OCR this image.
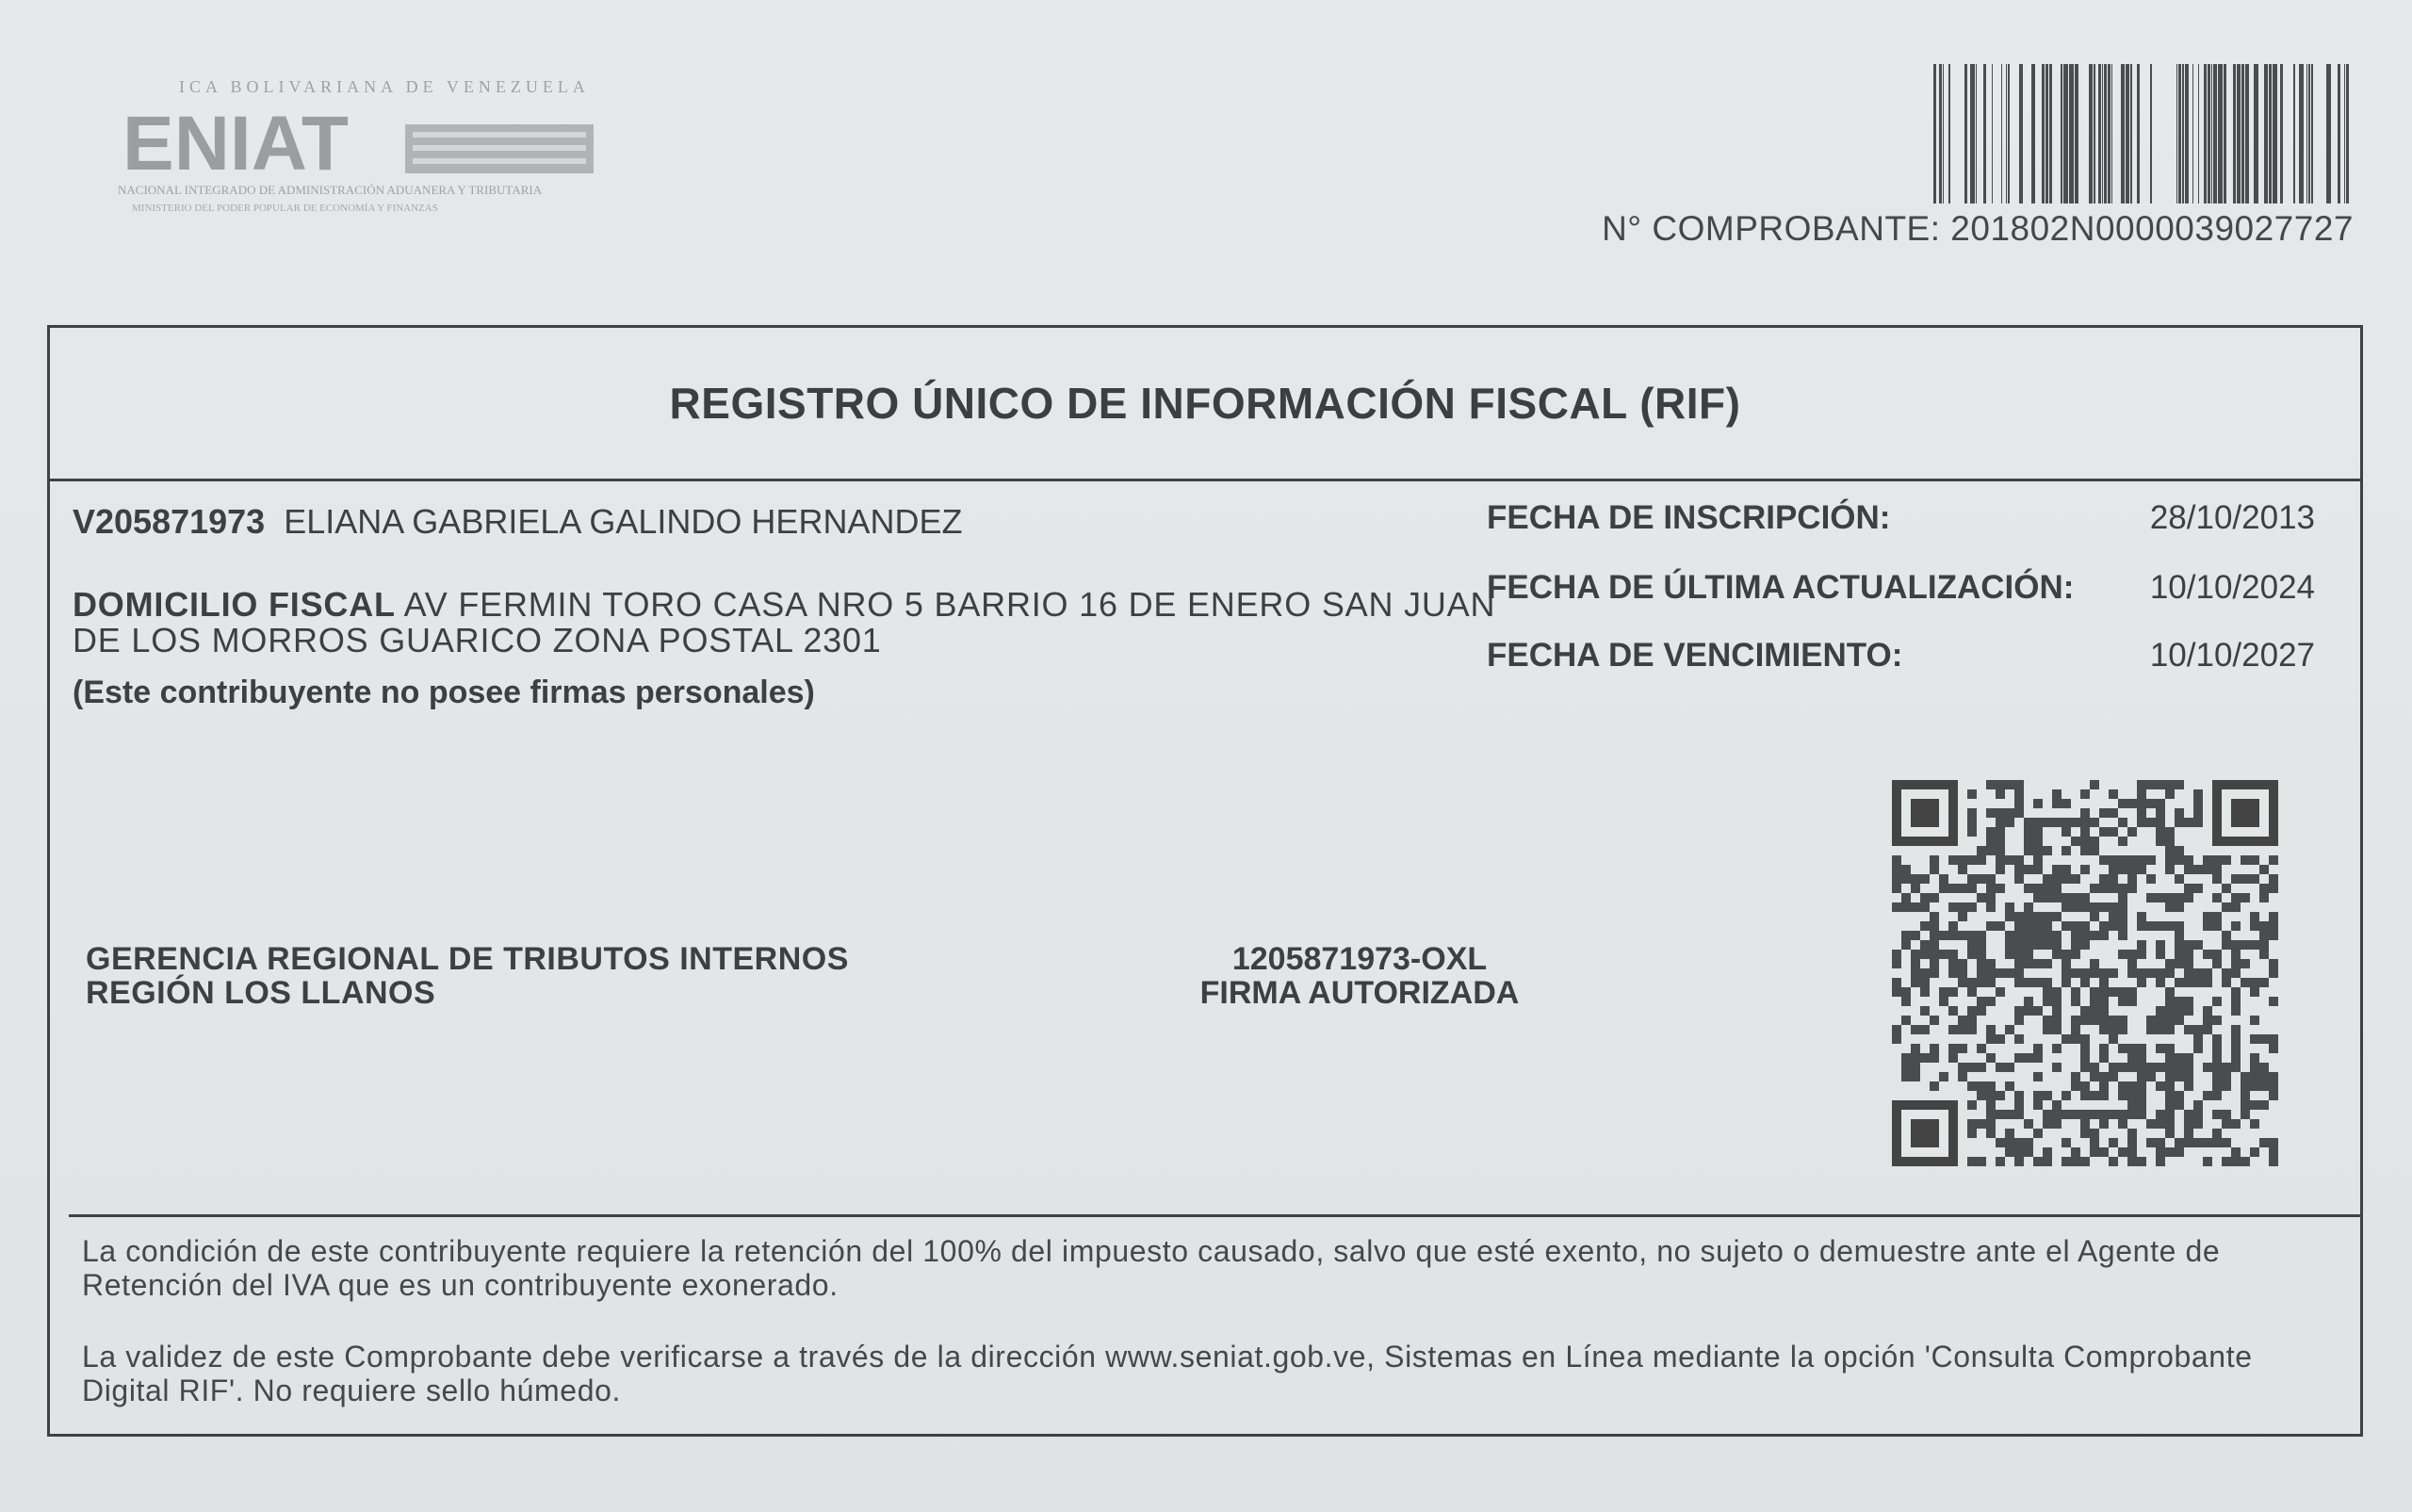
ICA BOLIVARIANA DE VENEZUELA
ENIAT
NACIONAL INTEGRADO DE ADMINISTRACIÓN ADUANERA Y TRIBUTARIA
MINISTERIO DEL PODER POPULAR DE ECONOMÍA Y FINANZAS
N° COMPROBANTE: 201802N0000039027727
REGISTRO ÚNICO DE INFORMACIÓN FISCAL (RIF)
V205871973 ELIANA GABRIELA GALINDO HERNANDEZ
DOMICILIO FISCAL AV FERMIN TORO CASA NRO 5 BARRIO 16 DE ENERO SAN JUAN DE LOS MORROS GUARICO ZONA POSTAL 2301
(Este contribuyente no posee firmas personales)
FECHA DE INSCRIPCIÓN:	28/10/2013
FECHA DE ÚLTIMA ACTUALIZACIÓN: 10/10/2024
FECHA DE VENCIMIENTO:	10/10/2027
GERENCIA REGIONAL DE TRIBUTOS INTERNOS
REGIÓN LOS LLANOS
1205871973-OXL
FIRMA AUTORIZADA
La condición de este contribuyente requiere la retención del 100% del impuesto causado, salvo que esté exento, no sujeto o demuestre ante el Agente de Retención del IVA que es un contribuyente exonerado.
La validez de este Comprobante debe verificarse a través de la dirección www.seniat.gob.ve, Sistemas en Línea mediante la opción 'Consulta Comprobante Digital RIF'. No requiere sello húmedo.
